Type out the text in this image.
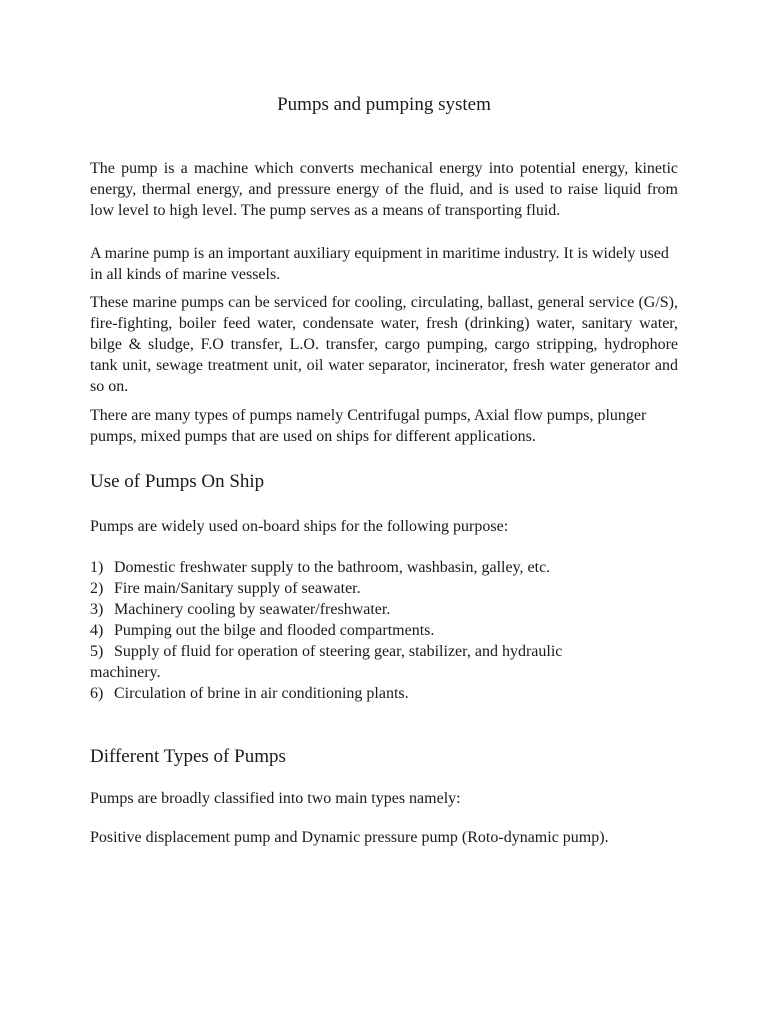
Pumps and pumping system

The pump is a machine which converts mechanical energy into potential energy, kinetic energy, thermal energy, and pressure energy of the fluid, and is used to raise liquid from low level to high level. The pump serves as a means of transporting fluid.

A marine pump is an important auxiliary equipment in maritime industry. It is widely used in all kinds of marine vessels.

These marine pumps can be serviced for cooling, circulating, ballast, general service (G/S), fire-fighting, boiler feed water, condensate water, fresh (drinking) water, sanitary water, bilge & sludge, F.O transfer, L.O. transfer, cargo pumping, cargo stripping, hydrophore tank unit, sewage treatment unit, oil water separator, incinerator, fresh water generator and so on.

There are many types of pumps namely Centrifugal pumps, Axial flow pumps, plunger pumps, mixed pumps that are used on ships for different applications.

Use of Pumps On Ship

Pumps are widely used on-board ships for the following purpose:

1) Domestic freshwater supply to the bathroom, washbasin, galley, etc.
2) Fire main/Sanitary supply of seawater.
3) Machinery cooling by seawater/freshwater.
4) Pumping out the bilge and flooded compartments.
5) Supply of fluid for operation of steering gear, stabilizer, and hydraulic machinery.
6) Circulation of brine in air conditioning plants.
Different Types of Pumps

Pumps are broadly classified into two main types namely:

Positive displacement pump and Dynamic pressure pump (Roto-dynamic pump).
